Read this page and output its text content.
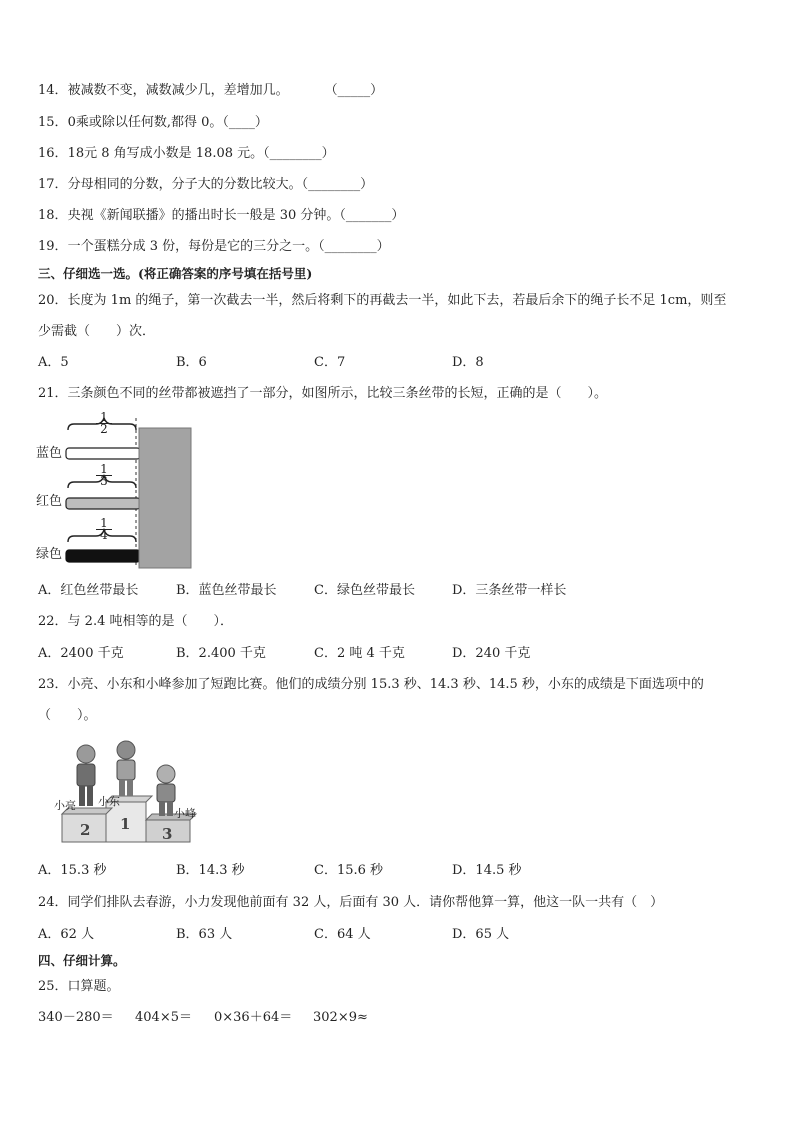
14．被减数不变，减数减少几，差增加几。	（_____）
15．0乘或除以任何数,都得 0。（____）
16．18元 8 角写成小数是 18.08 元。（________）
17．分母相同的分数，分子大的分数比较大。（________）
18．央视《新闻联播》的播出时长一般是 30 分钟。（_______）
19．一个蛋糕分成 3 份，每份是它的三分之一。（________）
三、仔细选一选。(将正确答案的序号填在括号里)
20．长度为 1m 的绳子，第一次截去一半，然后将剩下的再截去一半，如此下去，若最后余下的绳子长不足 1cm，则至
少需截（　　）次．
A．5	B．6	C．7	D．8
21．三条颜色不同的丝带都被遮挡了一部分，如图所示，比较三条丝带的长短，正确的是（　　）。
$\frac{1}{2}$
$\frac{1}{3}$
$\frac{1}{4}$
蓝色
红色
绿色
A．红色丝带最长	B．蓝色丝带最长	C．绿色丝带最长	D．三条丝带一样长
22．与 2.4 吨相等的是（　　）．
A．2400 千克	B．2.400 千克	C．2 吨 4 千克	D．240 千克
23．小亮、小东和小峰参加了短跑比赛。他们的成绩分别 15.3 秒、14.3 秒、14.5 秒，小东的成绩是下面选项中的
（　　）。
2 1
3
小亮 小东
小峰
A．15.3 秒	B．14.3 秒	C．15.6 秒	D．14.5 秒
24．同学们排队去春游，小力发现他前面有 32 人，后面有 30 人．请你帮他算一算，他这一队一共有（　）
A．62 人	B．63 人	C．64 人	D．65 人
四、仔细计算。
25．口算题。
340－280＝ 404×5＝ 0×36＋64＝ 302×9≈
